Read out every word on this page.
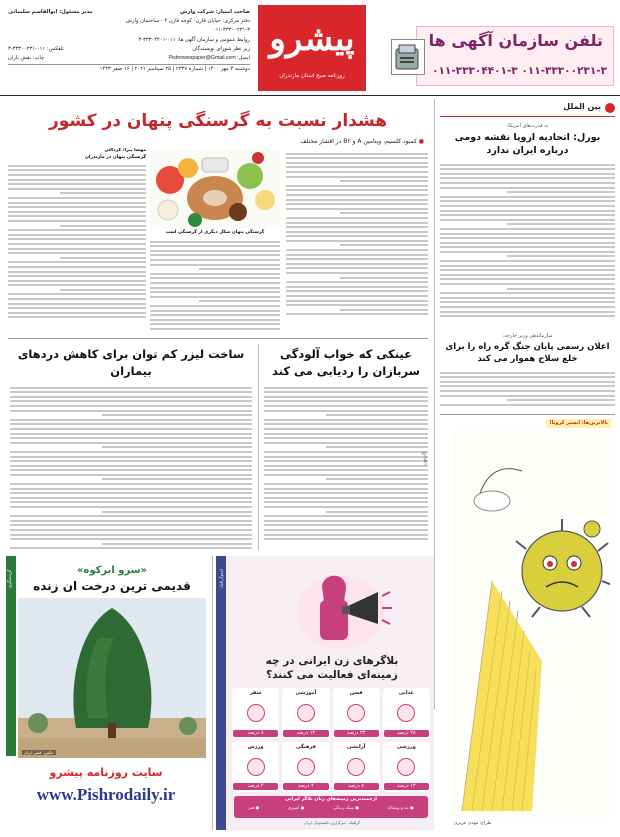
تلفن سازمان آگهی ها
۰۱۱-۳۳۳۰۰۲۳۱-۳ ۰۱۱-۳۳۳۰۴۴۰۱-۳
پیشرو
روزنامه صبح استان مازندران
صاحب امتیاز: شرکت وارش
مدیر مسئول: ابوالقاسم سلیمانی
دفتر مرکزی: خیابان قارن- کوچه قارن ۴ - ساختمان وارش
۰۱۱-۳۳۳۰۰۲۳۱-۳
روابط عمومی و سازمان آگهی ها: ۰۱۱-۳۳۳۰۴۴۰۱-۳
زیر نظر شورای نویسندگان
تلفکس: ۰۱۱-۳۳۳۰۰۲۳۱-۳
ایمیل: Pishrowespaper@Gmail.com
چاپ: نقش باران
دوشنبه ۳ مهر ۱۴۰۰ | شماره ۲۳۳۷ | ۲۵ سپتامبر ۲۰۲۱ | ۱۶ صفر ۱۴۴۳
بین الملل
به قدرت‌های آمریکا:
بورل: اتحادیه اروپا نقشه دومی درباره ایران ندارد
سازماندهی وزیر خارجه:
اعلان رسمی پایان جنگ گره راه را برای خلع سلاح هموار می کند
هشدار نسبت به گرسنگی پنهان در کشور
● کمبود کلسیم، ویتامین A و B۲ در اقشار مختلف
مهسا پیرا: کردکلی
گرسنگی پنهان در مازندران
گرسنگی پنهان شکل دیگری از گرسنگی است
عینکی که خواب آلودگی سربازان را ردیابی می کند
ساخت لیزر کم توان برای کاهش دردهای بیماران
بالاترین‌ها: ایشتر کرونا!
کارتون
طراح: مهدی عزیزی
گردشگری	«سرو ابرکوه»
قدیمی ترین درخت ان زنده
عکس: قصر ابران
سایت روزنامه پیشرو
www.Pishrodaily.ir
اینفوگرافیک
بلاگرهای زن ایرانی در چه
زمینه‌ای فعالیت می کنند؟
غذایی
۲۸ درصد
فشن
۲۳ درصد
آموزشی
۱۲ درصد
سفر
۸ درصد
ورزشی
۱۳ درصد
آرایشی
۸ درصد
فرهنگی
۴ درصد
ورزش
۴ درصد
ارجمندترین زمینه‌های زنان بلاگر ایرانی
● مد و پوشاک
● سبک زندگی
● آشپزی
● هنر
گرافیک: خبرگزاری دانشجویان ایران
